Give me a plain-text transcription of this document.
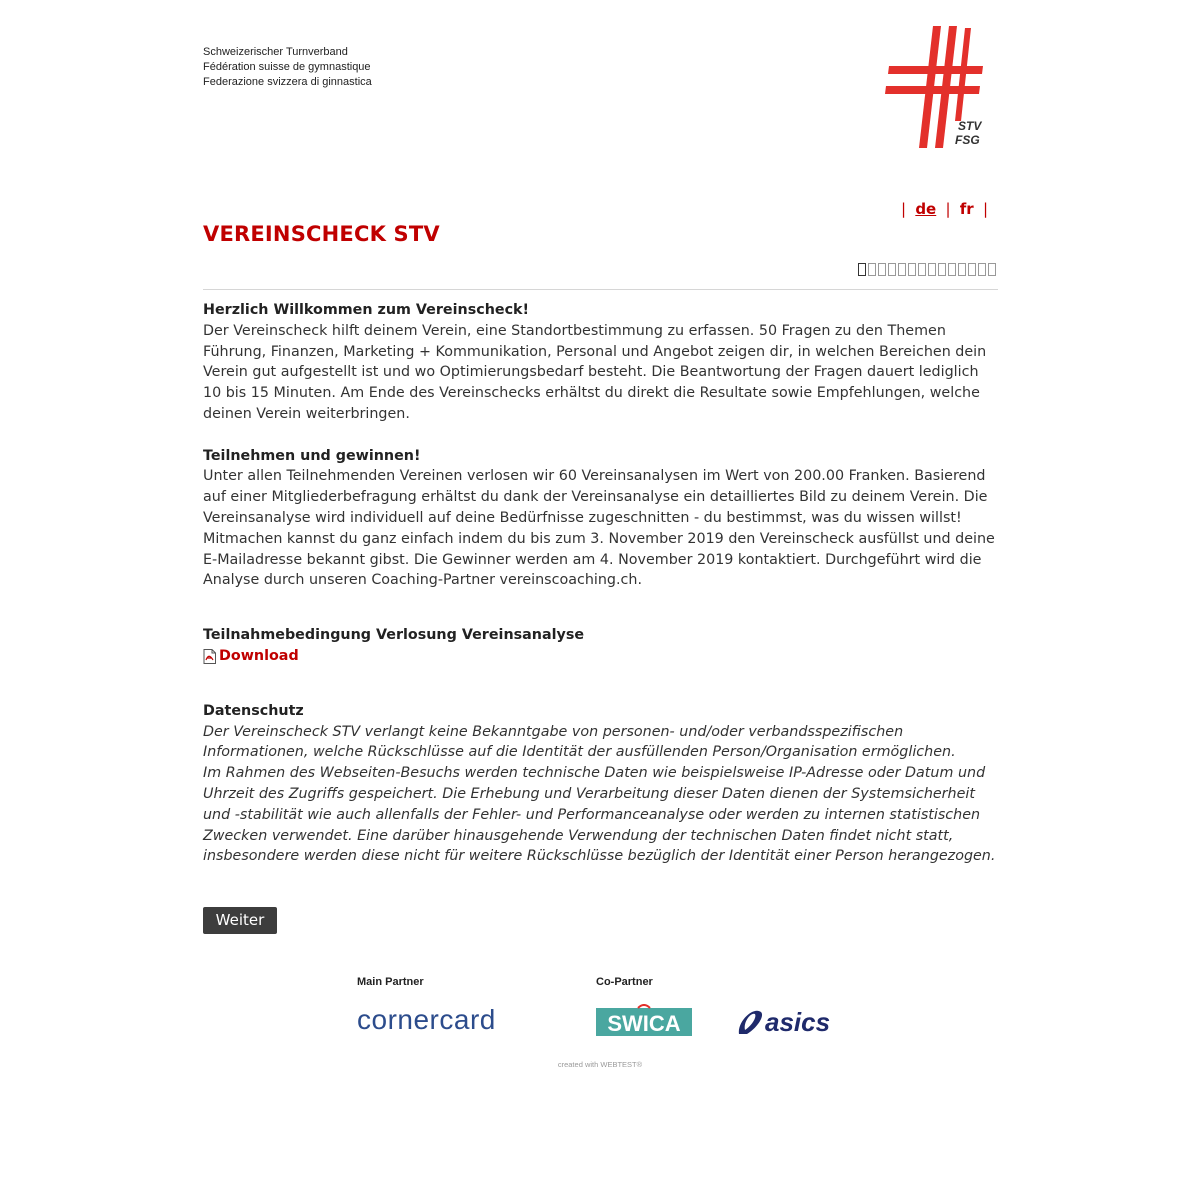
Schweizerischer Turnverband
Fédération suisse de gymnastique
Federazione svizzera di ginnastica
STV
FSG
| de | fr |
VEREINSCHECK STV
Herzlich Willkommen zum Vereinscheck!

Der Vereinscheck hilft deinem Verein, eine Standortbestimmung zu erfassen. 50 Fragen zu den Themen Führung, Finanzen, Marketing + Kommunikation, Personal und Angebot zeigen dir, in welchen Bereichen dein Verein gut aufgestellt ist und wo Optimierungsbedarf besteht. Die Beantwortung der Fragen dauert lediglich 10 bis 15 Minuten. Am Ende des Vereinschecks erhältst du direkt die Resultate sowie Empfehlungen, welche deinen Verein weiterbringen.

Teilnehmen und gewinnen!

Unter allen Teilnehmenden Vereinen verlosen wir 60 Vereinsanalysen im Wert von 200.00 Franken. Basierend auf einer Mitgliederbefragung erhältst du dank der Vereinsanalyse ein detailliertes Bild zu deinem Verein. Die Vereinsanalyse wird individuell auf deine Bedürfnisse zugeschnitten - du bestimmst, was du wissen willst! Mitmachen kannst du ganz einfach indem du bis zum 3. November 2019 den Vereinscheck ausfüllst und deine E-Mailadresse bekannt gibst. Die Gewinner werden am 4. November 2019 kontaktiert. Durchgeführt wird die Analyse durch unseren Coaching-Partner vereinscoaching.ch.

Teilnahmebedingung Verlosung Vereinsanalyse
Download
Datenschutz

Der Vereinscheck STV verlangt keine Bekanntgabe von personen- und/oder verbandsspezifischen Informationen, welche Rückschlüsse auf die Identität der ausfüllenden Person/Organisation ermöglichen.

Im Rahmen des Webseiten-Besuchs werden technische Daten wie beispielsweise IP-Adresse oder Datum und Uhrzeit des Zugriffs gespeichert. Die Erhebung und Verarbeitung dieser Daten dienen der Systemsicherheit und -stabilität wie auch allenfalls der Fehler- und Performanceanalyse oder werden zu internen statistischen Zwecken verwendet. Eine darüber hinausgehende Verwendung der technischen Daten findet nicht statt, insbesondere werden diese nicht für weitere Rückschlüsse bezüglich der Identität einer Person herangezogen.

Weiter
Main Partner	Co-Partner
cornercard	SWICA	asics
created with WEBTEST®
